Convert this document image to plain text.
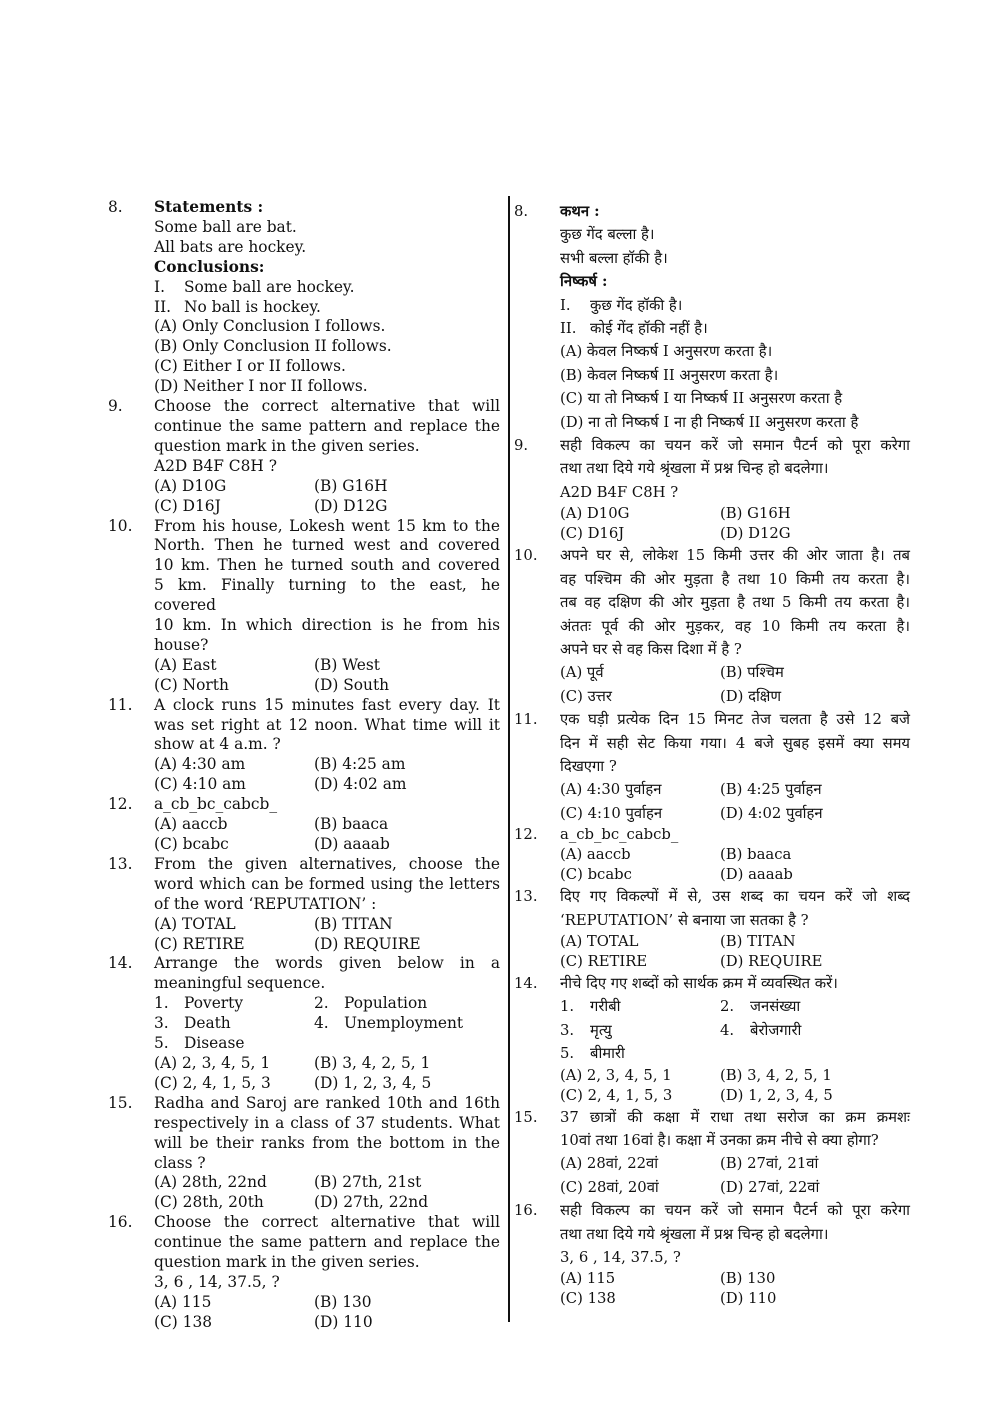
8.	Statements :
Some ball are bat.
All bats are hockey.
Conclusions:
I.	Some ball are hockey.
II. No ball is hockey.
(A) Only Conclusion I follows.
(B) Only Conclusion II follows.
(C) Either I or II follows.
(D) Neither I nor II follows.
9.	Choose the correct alternative that will
continue the same pattern and replace the
question mark in the given series.
A2D B4F C8H ?
(A) D10G	(B) G16H
(C) D16J	(D) D12G
10.	From his house, Lokesh went 15 km to the
North. Then he turned west and covered
10 km. Then he turned south and covered
5 km. Finally turning to the east, he covered
10 km. In which direction is he from his
house?
(A) East	(B) West
(C) North	(D) South
11.	A clock runs 15 minutes fast every day. It
was set right at 12 noon. What time will it
show at 4 a.m. ?
(A) 4:30 am	(B) 4:25 am
(C) 4:10 am	(D) 4:02 am
12.	a_cb_bc_cabcb_
(A) aaccb	(B) baaca
(C) bcabc	(D) aaaab
13.	From the given alternatives, choose the
word which can be formed using the letters
of the word ‘REPUTATION’ :
(A) TOTAL	(B) TITAN
(C) RETIRE	(D) REQUIRE
14.	Arrange the words given below in a
meaningful sequence.
1. Poverty	2. Population
3. Death	4. Unemployment
5. Disease
(A) 2, 3, 4, 5, 1	(B) 3, 4, 2, 5, 1
(C) 2, 4, 1, 5, 3	(D) 1, 2, 3, 4, 5
15.	Radha and Saroj are ranked 10th and 16th
respectively in a class of 37 students. What
will be their ranks from the bottom in the
class ?
(A) 28th, 22nd	(B) 27th, 21st
(C) 28th, 20th	(D) 27th, 22nd
16.	Choose the correct alternative that will
continue the same pattern and replace the
question mark in the given series.
3, 6 , 14, 37.5, ?
(A) 115	(B) 130
(C) 138	(D) 110
8.	कथन :
कुछ गेंद बल्ला है।
सभी बल्ला हॉकी है।
निष्कर्ष :
I.	कुछ गेंद हॉकी है।
II. कोई गेंद हॉकी नहीं है।
(A) केवल निष्कर्ष I अनुसरण करता है।
(B) केवल निष्कर्ष II अनुसरण करता है।
(C) या तो निष्कर्ष I या निष्कर्ष II अनुसरण करता है
(D) ना तो निष्कर्ष I ना ही निष्कर्ष II अनुसरण करता है
9.	सही विकल्प का चयन करें जो समान पैटर्न को पूरा करेगा
तथा तथा दिये गये श्रृंखला में प्रश्न चिन्ह हो बदलेगा।
A2D B4F C8H ?
(A) D10G	(B) G16H
(C) D16J	(D) D12G
10.	अपने घर से, लोकेश 15 किमी उत्तर की ओर जाता है। तब
वह पश्चिम की ओर मुड़ता है तथा 10 किमी तय करता है।
तब वह दक्षिण की ओर मुड़ता है तथा 5 किमी तय करता है।
अंततः पूर्व की ओर मुड़कर, वह 10 किमी तय करता है।
अपने घर से वह किस दिशा में है ?
(A) पूर्व	(B) पश्चिम
(C) उत्तर	(D) दक्षिण
11.	एक घड़ी प्रत्येक दिन 15 मिनट तेज चलता है उसे 12 बजे
दिन में सही सेट किया गया। 4 बजे सुबह इसमें क्या समय
दिखएगा ?
(A) 4:30 पुर्वाहन	(B) 4:25 पुर्वाहन
(C) 4:10 पुर्वाहन	(D) 4:02 पुर्वाहन
12.	a_cb_bc_cabcb_
(A) aaccb	(B) baaca
(C) bcabc	(D) aaaab
13.	दिए गए विकल्पों में से, उस शब्द का चयन करें जो शब्द
‘REPUTATION’ से बनाया जा सतका है ?
(A) TOTAL	(B) TITAN
(C) RETIRE	(D) REQUIRE
14.	नीचे दिए गए शब्दों को सार्थक क्रम में व्यवस्थित करें।
1.	गरीबी	2.	जनसंख्या
3.	मृत्यु	4.	बेरोजगारी
5.	बीमारी
(A) 2, 3, 4, 5, 1	(B) 3, 4, 2, 5, 1
(C) 2, 4, 1, 5, 3	(D) 1, 2, 3, 4, 5
15.	37 छात्रों की कक्षा में राधा तथा सरोज का क्रम क्रमशः
10वां तथा 16वां है। कक्षा में उनका क्रम नीचे से क्या होगा?
(A) 28वां, 22वां	(B) 27वां, 21वां
(C) 28वां, 20वां	(D) 27वां, 22वां
16.	सही विकल्प का चयन करें जो समान पैटर्न को पूरा करेगा
तथा तथा दिये गये श्रृंखला में प्रश्न चिन्ह हो बदलेगा।
3, 6 , 14, 37.5, ?
(A) 115	(B) 130
(C) 138	(D) 110
